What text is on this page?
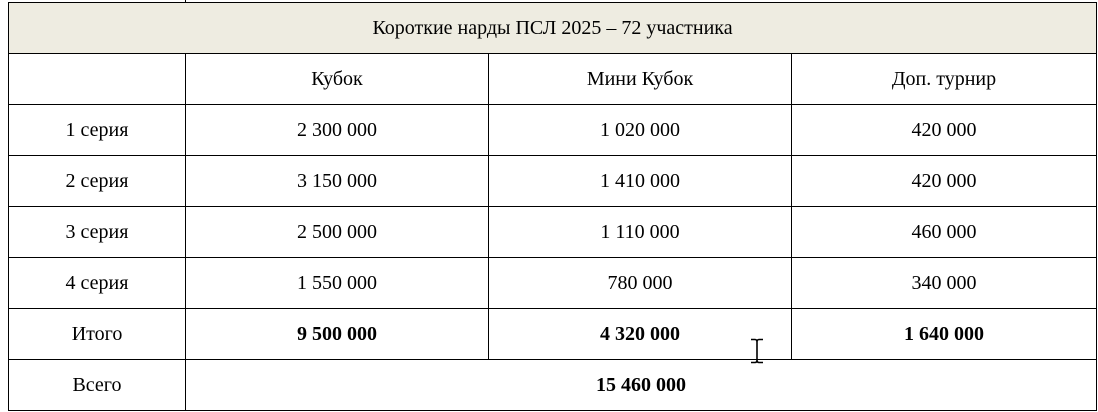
Короткие нарды ПСЛ 2025 – 72 участника			
	Кубок	Мини Кубок	Доп. турнир
1 серия	2 300 000	1 020 000	420 000
2 серия	3 150 000	1 410 000	420 000
3 серия	2 500 000	1 110 000	460 000
4 серия	1 550 000	780 000	340 000
Итого	9 500 000	4 320 000	1 640 000
Всего	15 460 000		
